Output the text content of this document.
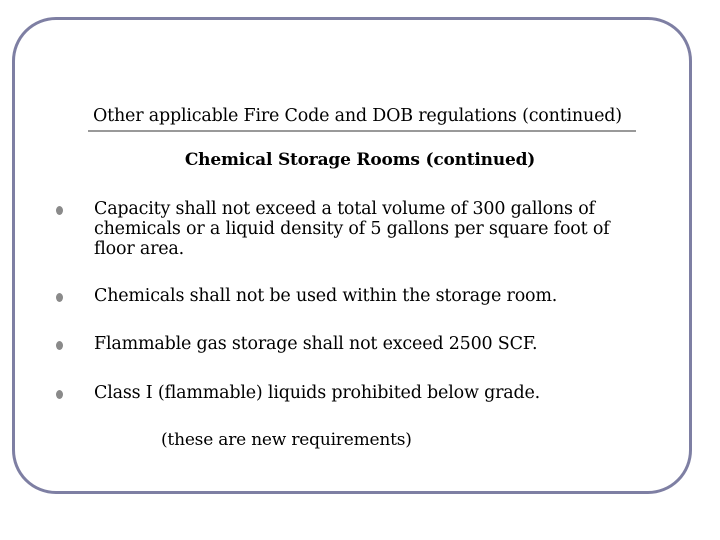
Other applicable Fire Code and DOB regulations (continued)
Chemical Storage Rooms (continued)
Capacity shall not exceed a total volume of 300 gallons of
chemicals or a liquid density of 5 gallons per square foot of
floor area.
Chemicals shall not be used within the storage room.
Flammable gas storage shall not exceed 2500 SCF.
Class I (flammable) liquids prohibited below grade.
(these are new requirements)
